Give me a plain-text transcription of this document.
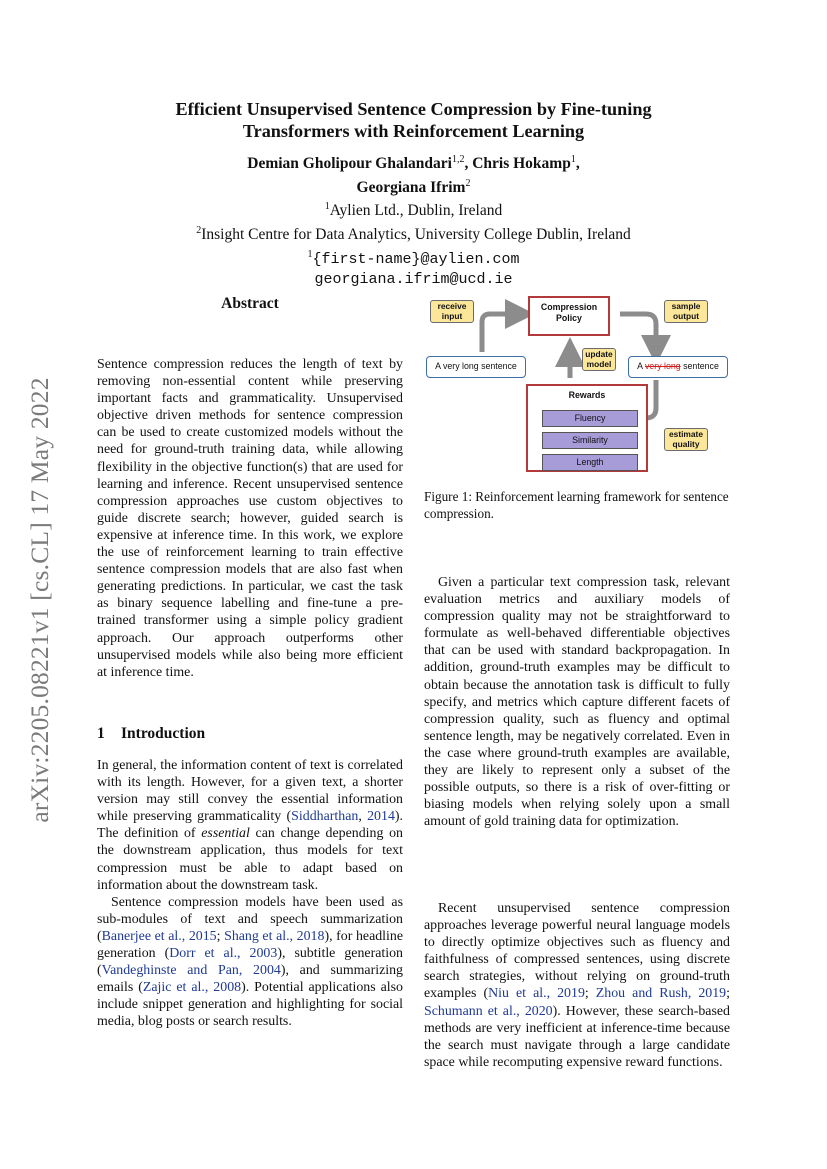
arXiv:2205.08221v1 [cs.CL] 17 May 2022
Efficient Unsupervised Sentence Compression by Fine-tuning
Transformers with Reinforcement Learning
Demian Gholipour Ghalandari$^{1,2}$, Chris Hokamp$^1$,
Georgiana Ifrim$^2$
$^1$Aylien Ltd., Dublin, Ireland
$^2$Insight Centre for Data Analytics, University College Dublin, Ireland
$^1${first-name}@aylien.com
georgiana.ifrim@ucd.ie
Abstract

Sentence compression reduces the length of text by removing non-essential content while preserving important facts and grammaticality. Unsupervised objective driven methods for sentence compression can be used to create customized models without the need for ground-truth training data, while allowing flexibility in the objective function(s) that are used for learning and inference. Recent unsupervised sentence compression approaches use custom objectives to guide discrete search; however, guided search is expensive at inference time. In this work, we explore the use of reinforcement learning to train effective sentence compression models that are also fast when generating predictions. In particular, we cast the task as binary sequence labelling and fine-tune a pre-trained transformer using a simple policy gradient approach. Our approach outperforms other unsupervised models while also being more efficient at inference time.

1 Introduction

In general, the information content of text is correlated with its length. However, for a given text, a shorter version may still convey the essential information while preserving grammaticality (Siddharthan, 2014). The definition of essential can change depending on the downstream application, thus models for text compression must be able to adapt based on information about the downstream task.

Sentence compression models have been used as sub-modules of text and speech summarization (Banerjee et al., 2015; Shang et al., 2018), for headline generation (Dorr et al., 2003), subtitle generation (Vandeghinste and Pan, 2004), and summarizing emails (Zajic et al., 2008). Potential applications also include snippet generation and highlighting for social media, blog posts or search results.

receive
input
Compression
Policy
sample
output
A very long sentence
update
model	A very long sentence
Rewards
Fluency
Similarity
Length
estimate
quality
Figure 1: Reinforcement learning framework for sentence compression.

Given a particular text compression task, relevant evaluation metrics and auxiliary models of compression quality may not be straightforward to formulate as well-behaved differentiable objectives that can be used with standard backpropagation. In addition, ground-truth examples may be difficult to obtain because the annotation task is difficult to fully specify, and metrics which capture different facets of compression quality, such as fluency and optimal sentence length, may be negatively correlated. Even in the case where ground-truth examples are available, they are likely to represent only a subset of the possible outputs, so there is a risk of over-fitting or biasing models when relying solely upon a small amount of gold training data for optimization.

Recent unsupervised sentence compression approaches leverage powerful neural language models to directly optimize objectives such as fluency and faithfulness of compressed sentences, using discrete search strategies, without relying on ground-truth examples (Niu et al., 2019; Zhou and Rush, 2019; Schumann et al., 2020). However, these search-based methods are very inefficient at inference-time because the search must navigate through a large candidate space while recomputing expensive reward functions.
